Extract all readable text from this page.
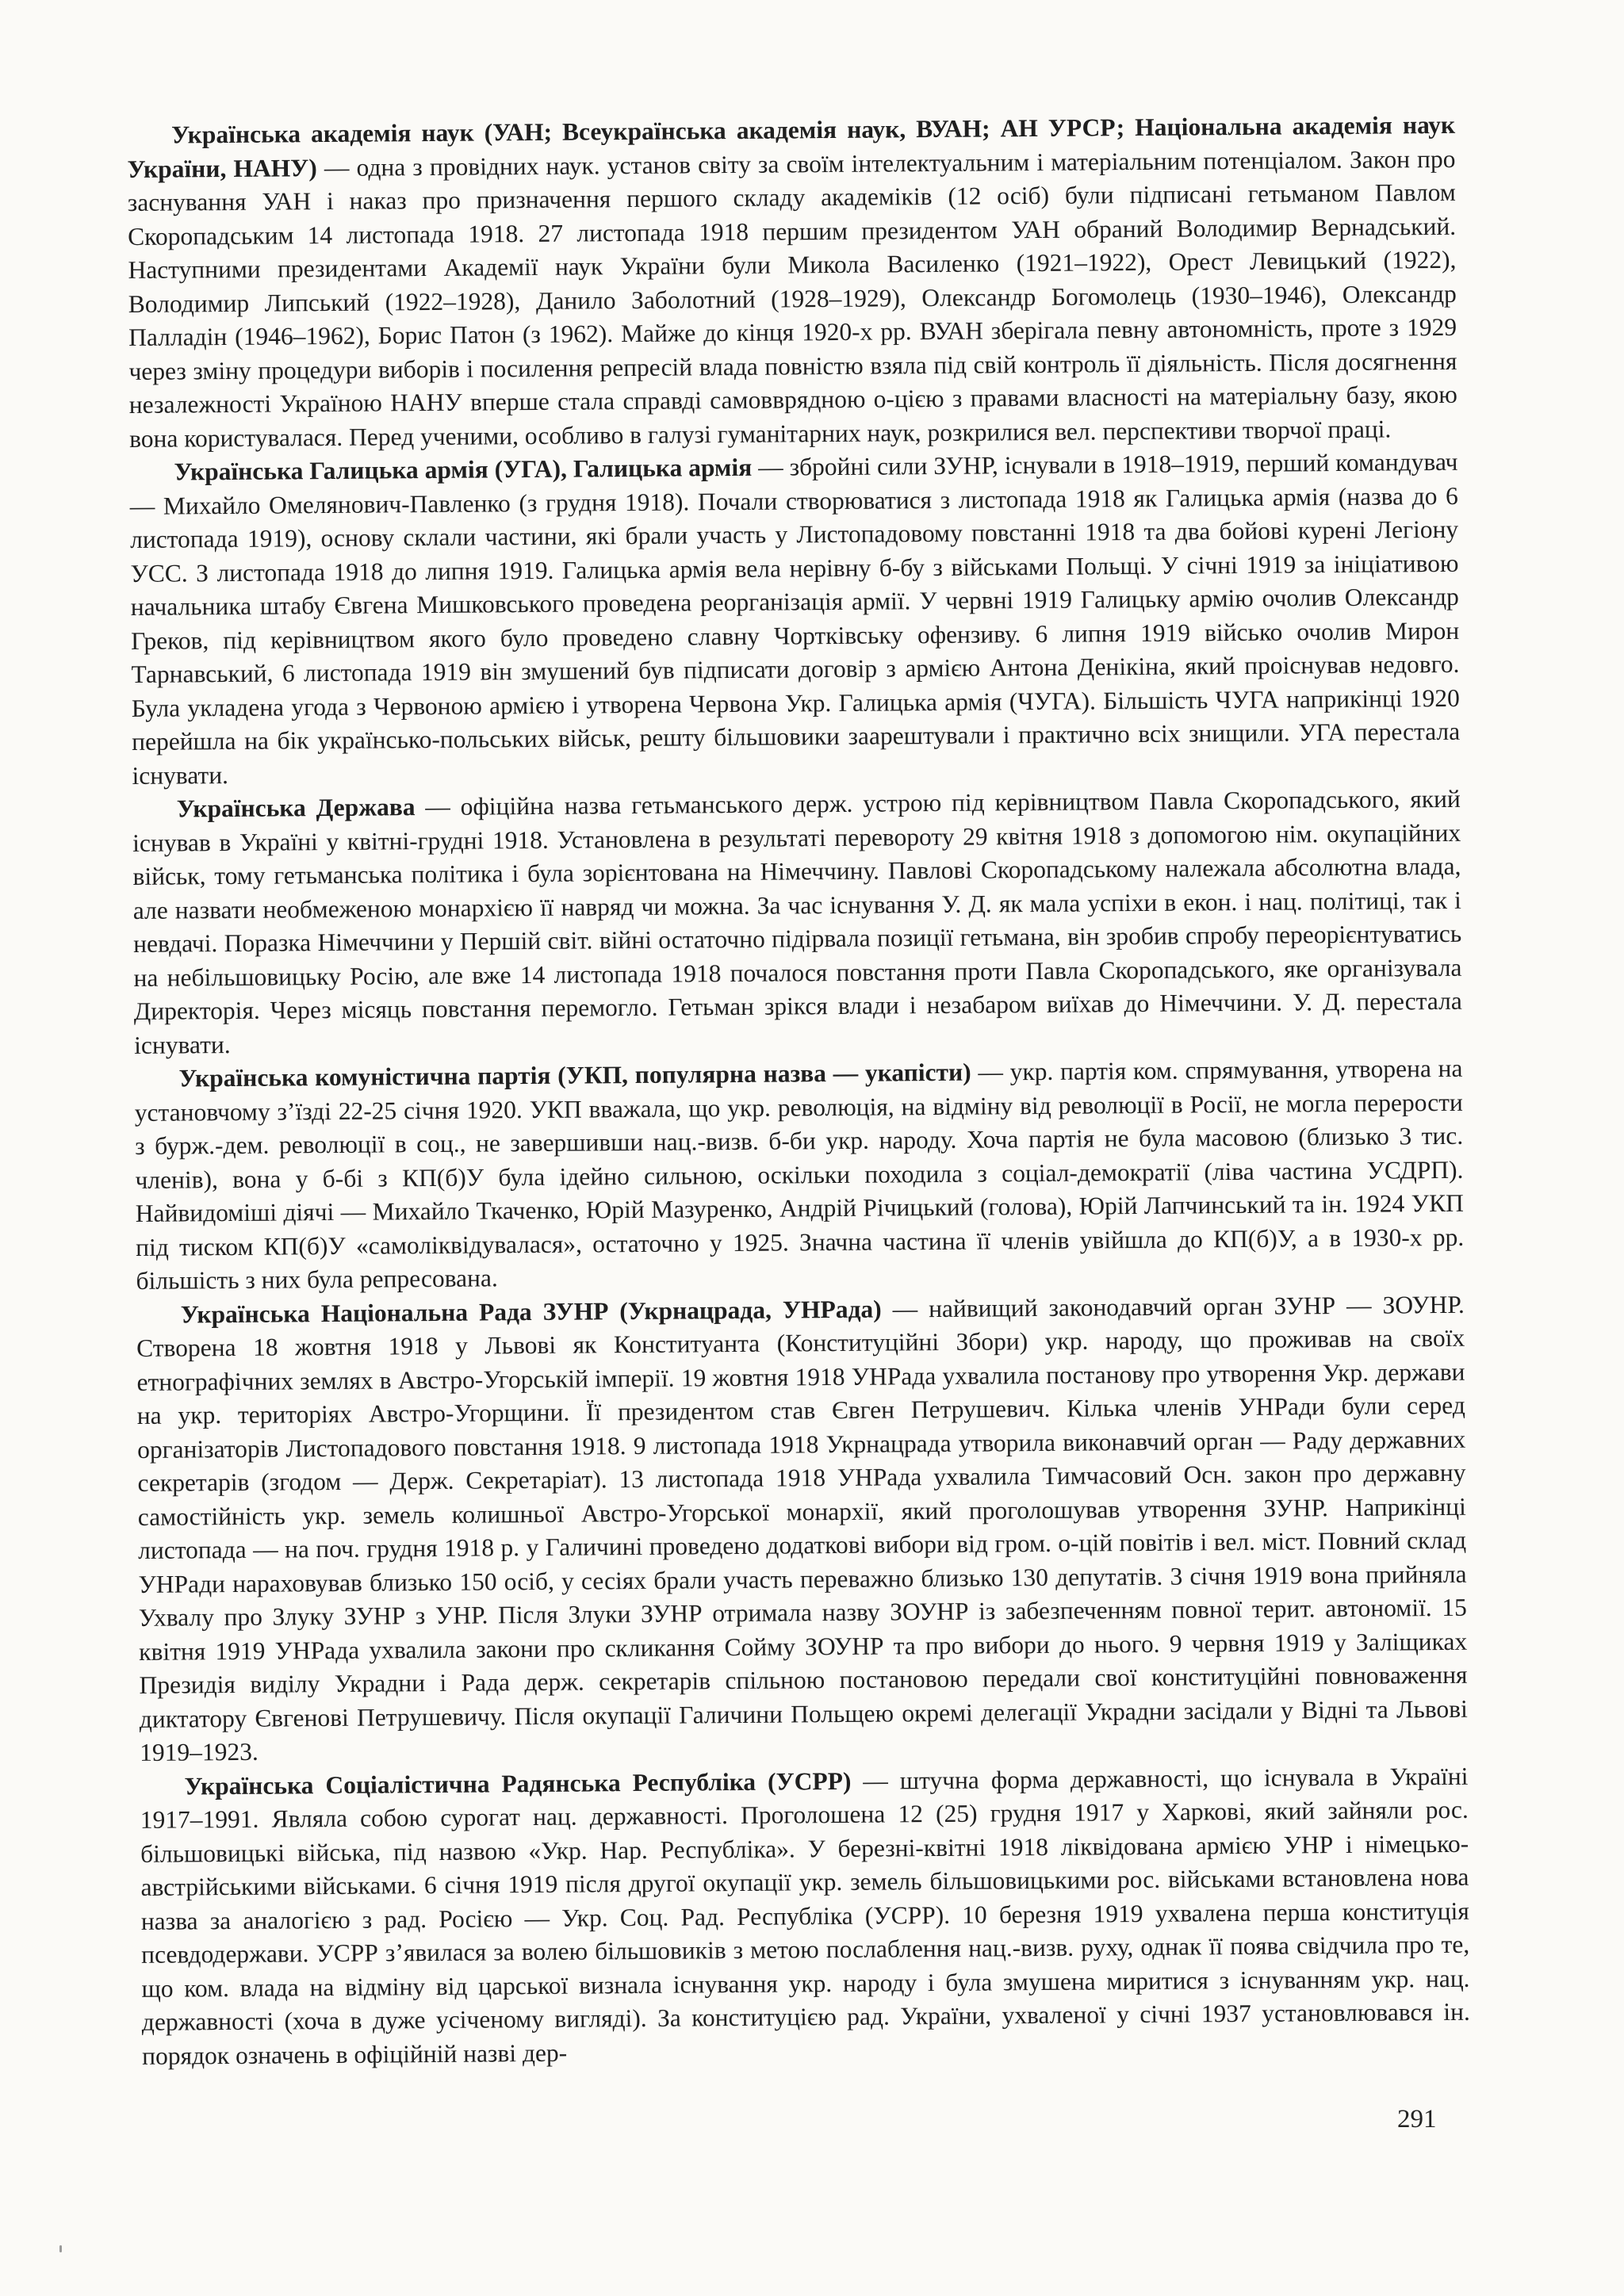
Українська академія наук (УАН; Всеукраїнська академія наук, ВУАН; АН УРСР; Національна академія наук України, НАНУ) — одна з провідних наук. установ світу за своїм інтелектуальним і матеріальним потенціалом. Закон про заснування УАН і наказ про призначення першого складу академіків (12 осіб) були підписані гетьманом Павлом Скоропадським 14 листопада 1918. 27 листопада 1918 першим президентом УАН обраний Володимир Вернадський. Наступними президентами Академії наук України були Микола Василенко (1921–1922), Орест Левицький (1922), Володимир Липський (1922–1928), Данило Заболотний (1928–1929), Олександр Богомолець (1930–1946), Олександр Палладін (1946–1962), Борис Патон (з 1962). Майже до кінця 1920-х рр. ВУАН зберігала певну автономність, проте з 1929 через зміну процедури виборів і посилення репресій влада повністю взяла під свій контроль її діяльність. Після досягнення незалежності Україною НАНУ вперше стала справді самовврядною о-цією з правами власності на матеріальну базу, якою вона користувалася. Перед ученими, особливо в галузі гуманітарних наук, розкрилися вел. перспективи творчої праці.

Українська Галицька армія (УГА), Галицька армія — збройні сили ЗУНР, існували в 1918–1919, перший командувач — Михайло Омелянович-Павленко (з грудня 1918). Почали створюватися з листопада 1918 як Галицька армія (назва до 6 листопада 1919), основу склали частини, які брали участь у Листопадовому повстанні 1918 та два бойові курені Легіону УСС. З листопада 1918 до липня 1919. Галицька армія вела нерівну б-бу з військами Польщі. У січні 1919 за ініціативою начальника штабу Євгена Мишковського проведена реорганізація армії. У червні 1919 Галицьку армію очолив Олександр Греков, під керівництвом якого було проведено славну Чортківську офензиву. 6 липня 1919 військо очолив Мирон Тарнавський, 6 листопада 1919 він змушений був підписати договір з армією Антона Денікіна, який проіснував недовго. Була укладена угода з Червоною армією і утворена Червона Укр. Галицька армія (ЧУГА). Більшість ЧУГА наприкінці 1920 перейшла на бік українсько-польських військ, решту більшовики заарештували і практично всіх знищили. УГА перестала існувати.

Українська Держава — офіційна назва гетьманського держ. устрою під керівництвом Павла Скоропадського, який існував в Україні у квітні-грудні 1918. Установлена в результаті перевороту 29 квітня 1918 з допомогою нім. окупаційних військ, тому гетьманська політика і була зорієнтована на Німеччину. Павлові Скоропадському належала абсолютна влада, але назвати необмеженою монархією її навряд чи можна. За час існування У. Д. як мала успіхи в екон. і нац. політиці, так і невдачі. Поразка Німеччини у Першій світ. війні остаточно підірвала позиції гетьмана, він зробив спробу переорієнтуватись на небільшовицьку Росію, але вже 14 листопада 1918 почалося повстання проти Павла Скоропадського, яке організувала Директорія. Через місяць повстання перемогло. Гетьман зрікся влади і незабаром виїхав до Німеччини. У. Д. перестала існувати.

Українська комуністична партія (УКП, популярна назва — укапісти) — укр. партія ком. спрямування, утворена на установчому з’їзді 22-25 січня 1920. УКП вважала, що укр. революція, на відміну від революції в Росії, не могла перерости з бурж.-дем. революції в соц., не завершивши нац.-визв. б-би укр. народу. Хоча партія не була масовою (близько 3 тис. членів), вона у б-бі з КП(б)У була ідейно сильною, оскільки походила з соціал-демократії (ліва частина УСДРП). Найвидоміші діячі — Михайло Ткаченко, Юрій Мазуренко, Андрій Річицький (голова), Юрій Лапчинський та ін. 1924 УКП під тиском КП(б)У «самоліквідувалася», остаточно у 1925. Значна частина її членів увійшла до КП(б)У, а в 1930-х рр. більшість з них була репресована.

Українська Національна Рада ЗУНР (Укрнацрада, УНРада) — найвищий законодавчий орган ЗУНР — ЗОУНР. Створена 18 жовтня 1918 у Львові як Конституанта (Конституційні Збори) укр. народу, що проживав на своїх етнографічних землях в Австро-Угорській імперії. 19 жовтня 1918 УНРада ухвалила постанову про утворення Укр. держави на укр. територіях Австро-Угорщини. Її президентом став Євген Петрушевич. Кілька членів УНРади були серед організаторів Листопадового повстання 1918. 9 листопада 1918 Укрнацрада утворила виконавчий орган — Раду державних секретарів (згодом — Держ. Секретаріат). 13 листопада 1918 УНРада ухвалила Тимчасовий Осн. закон про державну самостійність укр. земель колишньої Австро-Угорської монархії, який проголошував утворення ЗУНР. Наприкінці листопада — на поч. грудня 1918 р. у Галичині проведено додаткові вибори від гром. о-цій повітів і вел. міст. Повний склад УНРади нараховував близько 150 осіб, у сесіях брали участь переважно близько 130 депутатів. 3 січня 1919 вона прийняла Ухвалу про Злуку ЗУНР з УНР. Після Злуки ЗУНР отримала назву ЗОУНР із забезпеченням повної терит. автономії. 15 квітня 1919 УНРада ухвалила закони про скликання Сойму ЗОУНР та про вибори до нього. 9 червня 1919 у Заліщиках Президія виділу Украдни і Рада держ. секретарів спільною постановою передали свої конституційні повноваження диктатору Євгенові Петрушевичу. Після окупації Галичини Польщею окремі делегації Украдни засідали у Відні та Львові 1919–1923.

Українська Соціалістична Радянська Республіка (УСРР) — штучна форма державності, що існувала в Україні 1917–1991. Являла собою сурогат нац. державності. Проголошена 12 (25) грудня 1917 у Харкові, який зайняли рос. більшовицькі війська, під назвою «Укр. Нар. Республіка». У березні-квітні 1918 ліквідована армією УНР і німецько-австрійськими військами. 6 січня 1919 після другої окупації укр. земель більшовицькими рос. військами встановлена нова назва за аналогією з рад. Росією — Укр. Соц. Рад. Республіка (УСРР). 10 березня 1919 ухвалена перша конституція псевдодержави. УСРР з’явилася за волею більшовиків з метою послаблення нац.-визв. руху, однак її поява свідчила про те, що ком. влада на відміну від царської визнала існування укр. народу і була змушена миритися з існуванням укр. нац. державності (хоча в дуже усіченому вигляді). За конституцією рад. України, ухваленої у січні 1937 установлювався ін. порядок означень в офіційній назві дер-

291
